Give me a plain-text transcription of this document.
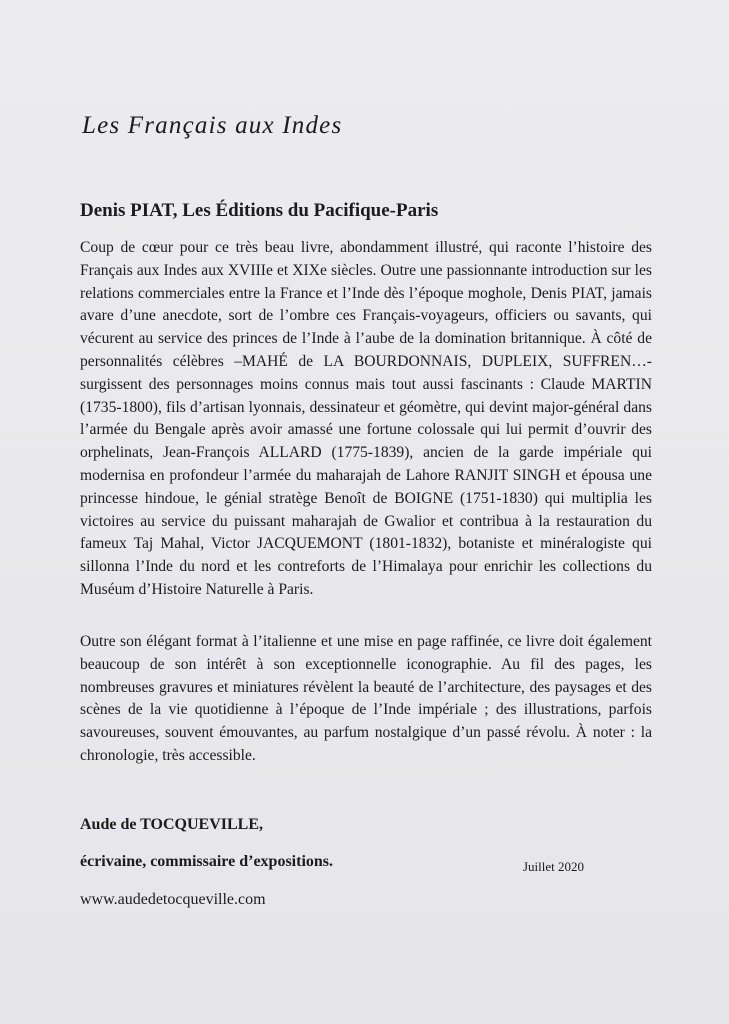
Les Français aux Indes
Denis PIAT, Les Éditions du Pacifique-Paris

Coup de cœur pour ce très beau livre, abondamment illustré, qui raconte l’histoire des Français aux Indes aux XVIIIe et XIXe siècles. Outre une passionnante introduction sur les relations commerciales entre la France et l’Inde dès l’époque moghole, Denis PIAT, jamais avare d’une anecdote, sort de l’ombre ces Français-voyageurs, officiers ou savants, qui vécurent au service des princes de l’Inde à l’aube de la domination britannique. À côté de personnalités célèbres –MAHÉ de LA BOURDONNAIS, DUPLEIX, SUFFREN…- surgissent des personnages moins connus mais tout aussi fascinants : Claude MARTIN (1735-1800), fils d’artisan lyonnais, dessinateur et géomètre, qui devint major-général dans l’armée du Bengale après avoir amassé une fortune colossale qui lui permit d’ouvrir des orphelinats, Jean-François ALLARD (1775-1839), ancien de la garde impériale qui modernisa en profondeur l’armée du maharajah de Lahore RANJIT SINGH et épousa une princesse hindoue, le génial stratège Benoît de BOIGNE (1751-1830) qui multiplia les victoires au service du puissant maharajah de Gwalior et contribua à la restauration du fameux Taj Mahal, Victor JACQUEMONT (1801-1832), botaniste et minéralogiste qui sillonna l’Inde du nord et les contreforts de l’Himalaya pour enrichir les collections du Muséum d’Histoire Naturelle à Paris.

Outre son élégant format à l’italienne et une mise en page raffinée, ce livre doit également beaucoup de son intérêt à son exceptionnelle iconographie. Au fil des pages, les nombreuses gravures et miniatures révèlent la beauté de l’architecture, des paysages et des scènes de la vie quotidienne à l’époque de l’Inde impériale ; des illustrations, parfois savoureuses, souvent émouvantes, au parfum nostalgique d’un passé révolu. À noter : la chronologie, très accessible.

Aude de TOCQUEVILLE,

écrivaine, commissaire d’expositions.	Juillet 2020

www.audedetocqueville.com
